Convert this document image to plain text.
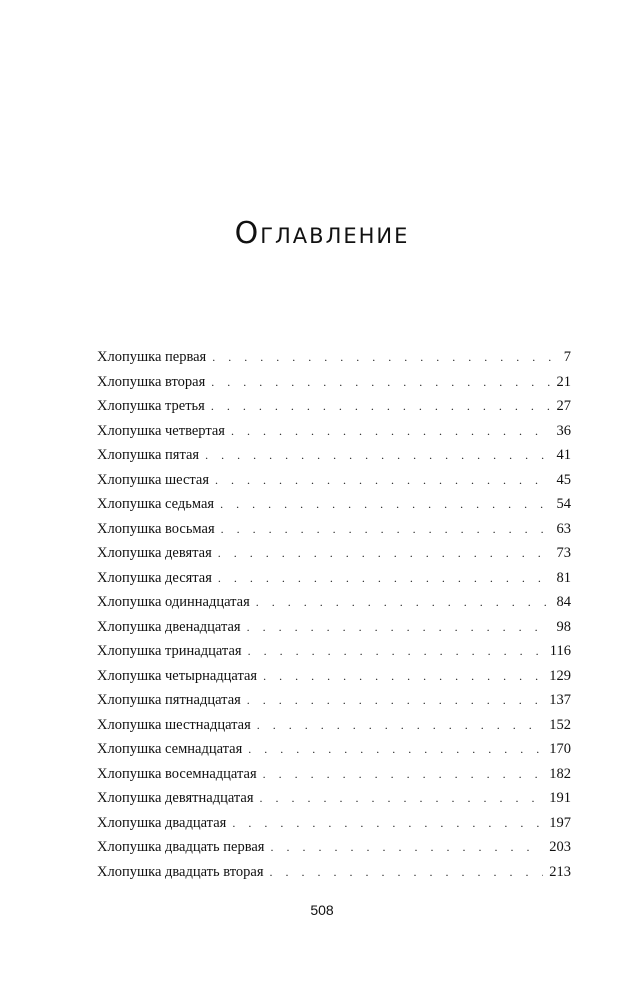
Оглавление
Хлопушка первая . . .	7
Хлопушка вторая . . .	21
Хлопушка третья . . .	27
Хлопушка четвертая . . .	36
Хлопушка пятая . . .	41
Хлопушка шестая . . .	45
Хлопушка седьмая . . .	54
Хлопушка восьмая . . .	63
Хлопушка девятая . . .	73
Хлопушка десятая . . .	81
Хлопушка одиннадцатая . . .	84
Хлопушка двенадцатая . . .	98
Хлопушка тринадцатая . . .	116
Хлопушка четырнадцатая . . .	129
Хлопушка пятнадцатая . . .	137
Хлопушка шестнадцатая . . .	152
Хлопушка семнадцатая . . .	170
Хлопушка восемнадцатая . . .	182
Хлопушка девятнадцатая . . .	191
Хлопушка двадцатая . . .	197
Хлопушка двадцать первая . . .	203
Хлопушка двадцать вторая . . .	213
508
